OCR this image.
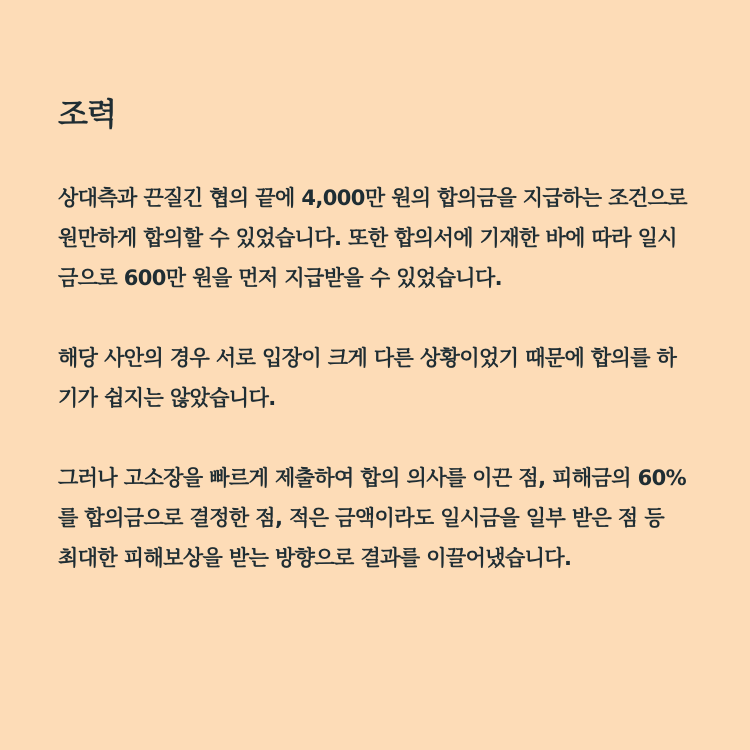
조력

상대측과 끈질긴 협의 끝에 4,000만 원의 합의금을 지급하는 조건으로 원만하게 합의할 수 있었습니다. 또한 합의서에 기재한 바에 따라 일시금으로 600만 원을 먼저 지급받을 수 있었습니다.

해당 사안의 경우 서로 입장이 크게 다른 상황이었기 때문에 합의를 하기가 쉽지는 않았습니다.

그러나 고소장을 빠르게 제출하여 합의 의사를 이끈 점, 피해금의 60%를 합의금으로 결정한 점, 적은 금액이라도 일시금을 일부 받은 점 등 최대한 피해보상을 받는 방향으로 결과를 이끌어냈습니다.
